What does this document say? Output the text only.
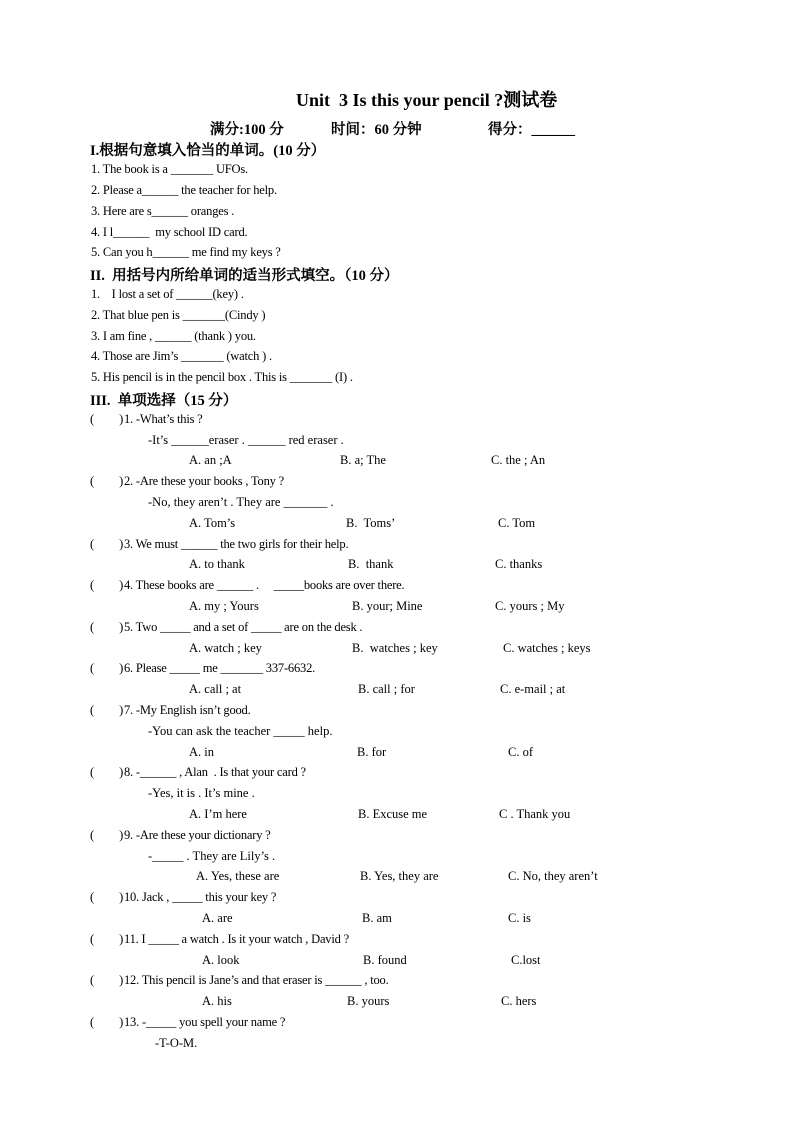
Unit  3 Is this your pencil ?测试卷
满分:100 分	时间：60 分钟	得分：______
I.根据句意填入恰当的单词。(10 分）
1. The book is a _______ UFOs.
2. Please a______ the teacher for help.
3. Here are s______ oranges .
4. I l______  my school ID card.
5. Can you h______ me find my keys ?
II.  用括号内所给单词的适当形式填空。（10 分）
1.    I lost a set of ______(key) .
2. That blue pen is _______(Cindy )
3. I am fine , ______ (thank ) you.
4. Those are Jim’s _______ (watch ) .
5. His pencil is in the pencil box . This is _______ (I) .
III.  单项选择（15 分）
(        ) 1. -What’s this ?
-It’s ______eraser . ______ red eraser .
A. an ;A	B. a; The	C. the ; An
(        ) 2. -Are these your books , Tony ?
-No, they aren’t . They are _______ .
A. Tom’s	B.  Toms’	C. Tom
(        ) 3. We must ______ the two girls for their help.
A. to thank	B.  thank	C. thanks
(        ) 4. These books are ______ .     _____books are over there.
A. my ; Yours	B. your; Mine	C. yours ; My
(        ) 5. Two _____ and a set of _____ are on the desk .
A. watch ; key	B.  watches ; key	C. watches ; keys
(        ) 6. Please _____ me _______ 337-6632.
A. call ; at	B. call ; for	C. e-mail ; at
(        ) 7. -My English isn’t good.
-You can ask the teacher _____ help.
A. in	B. for	C. of
(        ) 8. -______ , Alan  . Is that your card ?
-Yes, it is . It’s mine .
A. I’m here	B. Excuse me	C . Thank you
(        ) 9. -Are these your dictionary ?
-_____ . They are Lily’s .
A. Yes, these are	B. Yes, they are	C. No, they aren’t
(        ) 10. Jack , _____ this your key ?
A. are	B. am	C. is
(        ) 11. I _____ a watch . Is it your watch , David ?
A. look	B. found	C.lost
(        ) 12. This pencil is Jane’s and that eraser is ______ , too.
A. his	B. yours	C. hers
(        ) 13. -_____ you spell your name ?
-T-O-M.
